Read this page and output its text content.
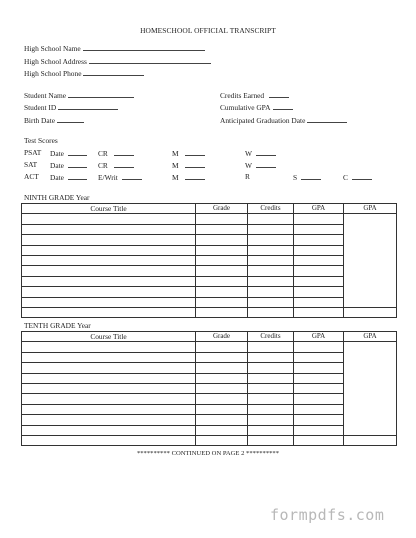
HOMESCHOOL OFFICIAL TRANSCRIPT
High School Name
High School Address
High School Phone
Student Name
Student ID
Birth Date
Credits Earned
Cumulative GPA
Anticipated Graduation Date
Test Scores
PSAT Date	CR	M	W
SAT Date	CR	M	W
ACT Date	E/Writ	M	R	S	C
NINTH GRADE Year
Course Title	Grade	Credits	GPA	GPA

TENTH GRADE Year
Course Title	Grade	Credits	GPA	GPA

********** CONTINUED ON PAGE 2 **********
formpdfs.com
